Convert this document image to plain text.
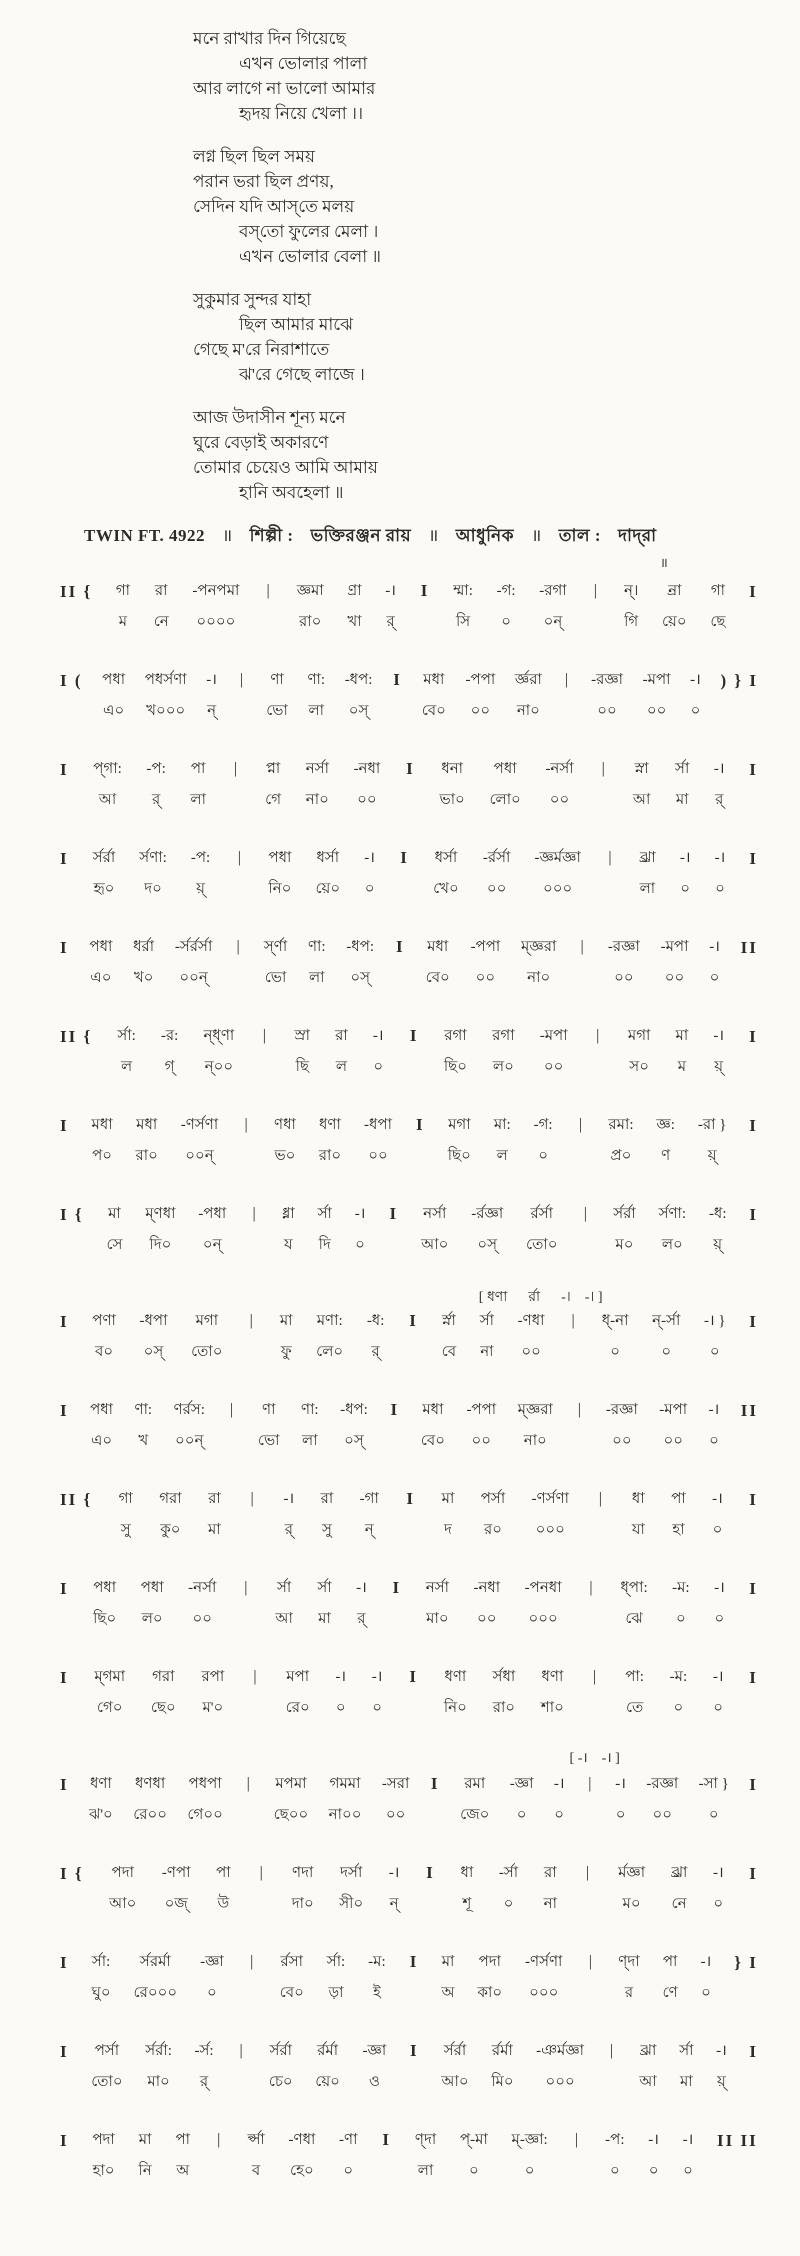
মনে রাখার দিন গিয়েছে
এখন ভোলার পালা
আর লাগে না ভালো আমার
হৃদয় নিয়ে খেলা ।।
লগ্ন ছিল ছিল সময়
পরান ভরা ছিল প্রণয়,
সেদিন যদি আস্‌তে মলয়
বস্‌তো ফুলের মেলা ।
এখন ভোলার বেলা ॥
সুকুমার সুন্দর যাহা
ছিল আমার মাঝে
গেছে ম'রে নিরাশাতে
ঝ'রে গেছে লাজে ।
আজ উদাসীন শূন্য মনে
ঘুরে বেড়াই অকারণে
তোমার চেয়েও আমি আমায়
হানি অবহেলা ॥
TWIN FT. 4922 ॥ শিল্পী : ভক্তিরঞ্জন রায় ॥ আধুনিক ॥ তাল : দাদ্‌রা
॥
II { গা
ম
রা
নে
-পনপমা
০০০০
| জ্ঞমা
রা০
ণ্রা
খা
-।
র্
I ম্মা:
সি
-গ:
০
-রগা
০ন্
| ন্।
গি
ন্রা
য়ে০
গা
ছে
I
I ( পধা
এ০
পধর্সণা
খ০০০
-।
ন্
| ণা
ভো
ণা:
লা
-ধপ:
০স্
I মধা
বে০
-পপা
০০
র্জ্ঞরা
না০
| -রজ্ঞা
০০
-মপা
০০
-।
০
) } I
I প্গা:
আ
-প:
র্
পা
লা
| প্না
গে
নর্সা
না০
-নধা
০০
I ধনা
ভা০
পধা
লো০
-নর্সা
০০
| স্না
আ
র্সা
মা
-।
র্
I
I র্সর্রা
হৃ০
র্সণা:
দ০
-প:
য়্
| পধা
নি০
ধর্সা
য়ে০
-।
০
I ধর্সা
খে০
-র্রর্সা
০০
-জ্ঞর্মজ্ঞা
০০০
| ঝ্র্রা
লা
-।
০
-।
০
I
I পধা
এ০
ধর্রা
খ০
-র্সর্রর্সা
০০ন্
| র্স্ণা
ভো
ণা:
লা
-ধপ:
০স্
I মধা
বে০
-পপা
০০
ম্জ্ঞরা
না০
| -রজ্ঞা
০০
-মপা
০০
-।
০
II
II { র্সা:
ল
-র:
গ্
ন্ধ্ণা
ন্০০
| স্রা
ছি
রা
ল
-।
০
I রগা
ছি০
রগা
ল০
-মপা
০০
| মগা
স০
মা
ম
-।
য়্
I
I মধা
প০
মধা
রা০
-ণর্সণা
০০ন্
| ণধা
ভ০
ধণা
রা০
-ধপা
০০
I মগা
ছি০
মা:
ল
-গ:
০
| রমা:
প্র০
জ্ঞ:
ণ
-রা }
য়্
I
I { মা
সে
ম্ণধা
দি০
-পধা
০ন্
| ধ্না
য
র্সা
দি
-।
০
I নর্সা
আ০
-র্রজ্ঞা
০স্
র্রর্সা
তো০
| র্সর্রা
ম০
র্সণা:
ল০
-ধ:
য়্
I
[ ধণা      র্রা      -।    -। ]
I পণা
ব০
-ধপা
০স্
মগা
তো০
| মা
ফু
মণা:
লে০
-ধ:
র্
I র্স্না
বে
র্সা
না
-ণধা
০০
| ধ্-না
০
ন্-র্সা
০
-। }
০
I
I পধা
এ০
ণা:
খ
ণর্রস:
০০ন্
| ণা
ভো
ণা:
লা
-ধপ:
০স্
I মধা
বে০
-পপা
০০
ম্জ্ঞরা
না০
| -রজ্ঞা
০০
-মপা
০০
-।
০
II
II { গা
সু
গরা
কু০
রা
মা
| -।
র্
রা
সু
-গা
ন্
I মা
দ
পর্সা
র০
-ণর্সণা
০০০
| ধা
যা
পা
হা
-।
০
I
I পধা
ছি০
পধা
ল০
-নর্সা
০০
| র্সা
আ
র্সা
মা
-।
র্
I নর্সা
মা০
-নধা
০০
-পনধা
০০০
| ধ্পা:
ঝে
-ম:
০
-।
০
I
I ম্গমা
গে০
গরা
ছে০
রপা
ম'০
| মপা
রে০
-।
০
-।
০
I ধণা
নি০
র্সধা
রা০
ধণা
শা০
| পা:
তে
-ম:
০
-।
০
I
[ -।    -। ]
I ধণা
ঝ'০
ধণধা
রে০০
পধপা
গে০০
| মপমা
ছে০০
গমমা
না০০
-সরা
০০
I রমা
জে০
-জ্ঞা
০
-।
০
| -।
০
-রজ্ঞা
০০
-সা }
০
I
I { পদা
আ০
-ণপা
০জ্
পা
উ
| ণদা
দা০
দর্সা
সী০
-।
ন্
I ধা
শূ
-র্সা
০
রা
না
| র্মজ্ঞা
ম০
ঝ্র্রা
নে
-।
০
I
I র্সা:
ঘু০
র্সরর্মা
রে০০০
-জ্ঞা
০
| র্রসা
বে০
র্সা:
ড়া
-ম:
ই
I মা
অ
পদা
কা০
-ণর্সণা
০০০
| ণ্দা
র
পা
ণে
-।
০
} I
I পর্সা
তো০
র্সর্রা:
মা০
-র্স:
র্
| র্সর্রা
চে০
র্রর্মা
য়ে০
-জ্ঞা
ও
I র্সর্রা
আ০
র্রর্মা
মি০
-ঞর্মজ্ঞা
০০০
| ঝ্রা
আ
র্সা
মা
-।
য়্
I
I পদা
হা০
মা
নি
পা
অ
| র্প্সা
ব
-ণধা
হে০
-ণা
০
I ণ্দা
লা
প্-মা
০
ম্-জ্ঞা:
০
| -প:
০
-।
০
-।
০
II II
